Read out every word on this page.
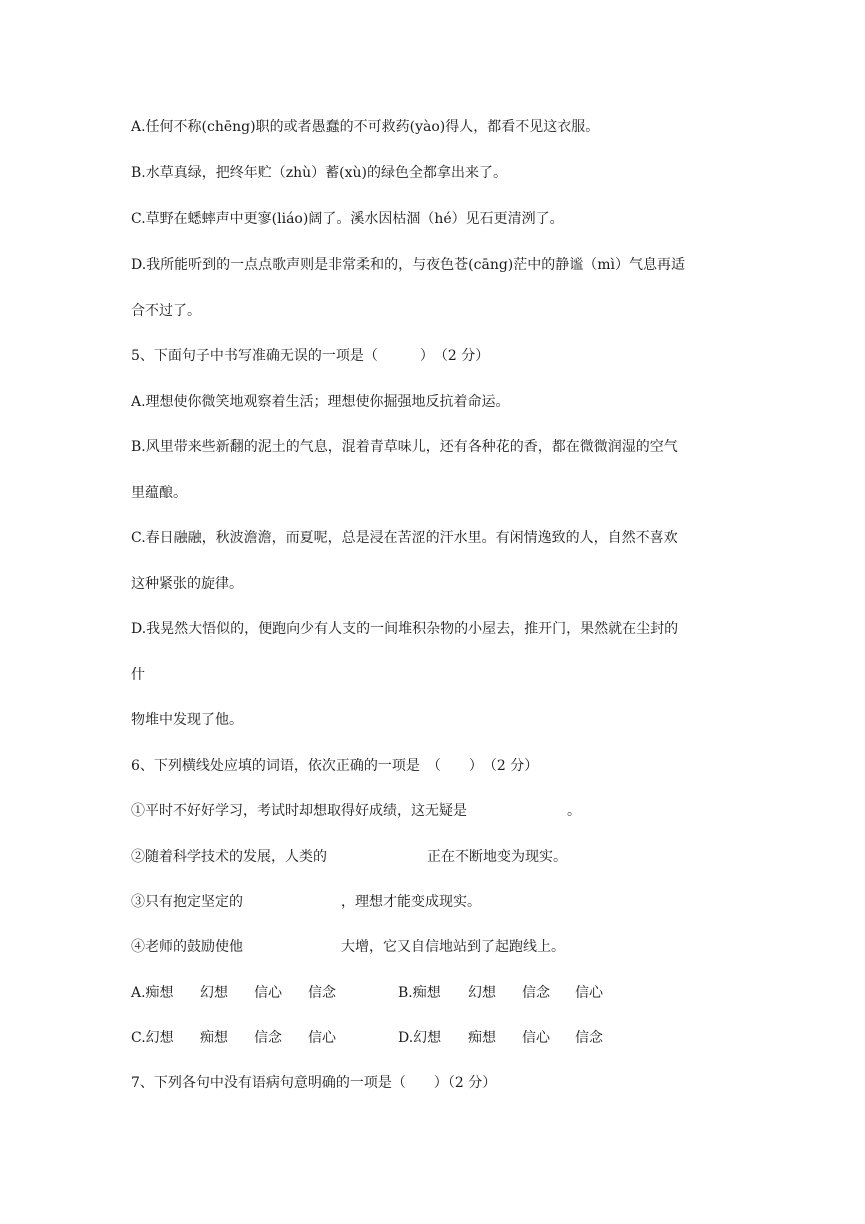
A.任何不称(chēng)职的或者愚蠢的不可救药(yào)得人，都看不见这衣服。

B.水草真绿，把终年贮（zhù）蓄(xù)的绿色全都拿出来了。

C.草野在蟋蟀声中更寥(liáo)阔了。溪水因枯涸（hé）见石更清洌了。

D.我所能听到的一点点歌声则是非常柔和的，与夜色苍(cāng)茫中的静谧（mì）气息再适

合不过了。

5、下面句子中书写准确无误的一项是（　　　）　（2 分）

A.理想使你微笑地观察着生活；理想使你掘强地反抗着命运。

B.风里带来些新翻的泥土的气息，混着青草味儿，还有各种花的香，都在微微润湿的空气

里蕴酿。

C.春日融融，秋波澹澹，而夏呢，总是浸在苦涩的汗水里。有闲情逸致的人，自然不喜欢

这种紧张的旋律。

D.我晃然大悟似的，便跑向少有人支的一间堆积杂物的小屋去，推开门，果然就在尘封的

什

物堆中发现了他。

6、下列横线处应填的词语，依次正确的一项是　（　　）　（2 分）

①平时不好好学习，考试时却想取得好成绩，这无疑是	。
②随着科学技术的发展，人类的	正在不断地变为现实。
③只有抱定坚定的	，理想才能变成现实。
④老师的鼓励使他	大增，它又自信地站到了起跑线上。
A.痴想 幻想 信心 信念	B.痴想 幻想 信念 信心
C.幻想 痴想 信念 信心	D.幻想 痴想 信心 信念

7、下列各句中没有语病句意明确的一项是（　　）（2 分）
